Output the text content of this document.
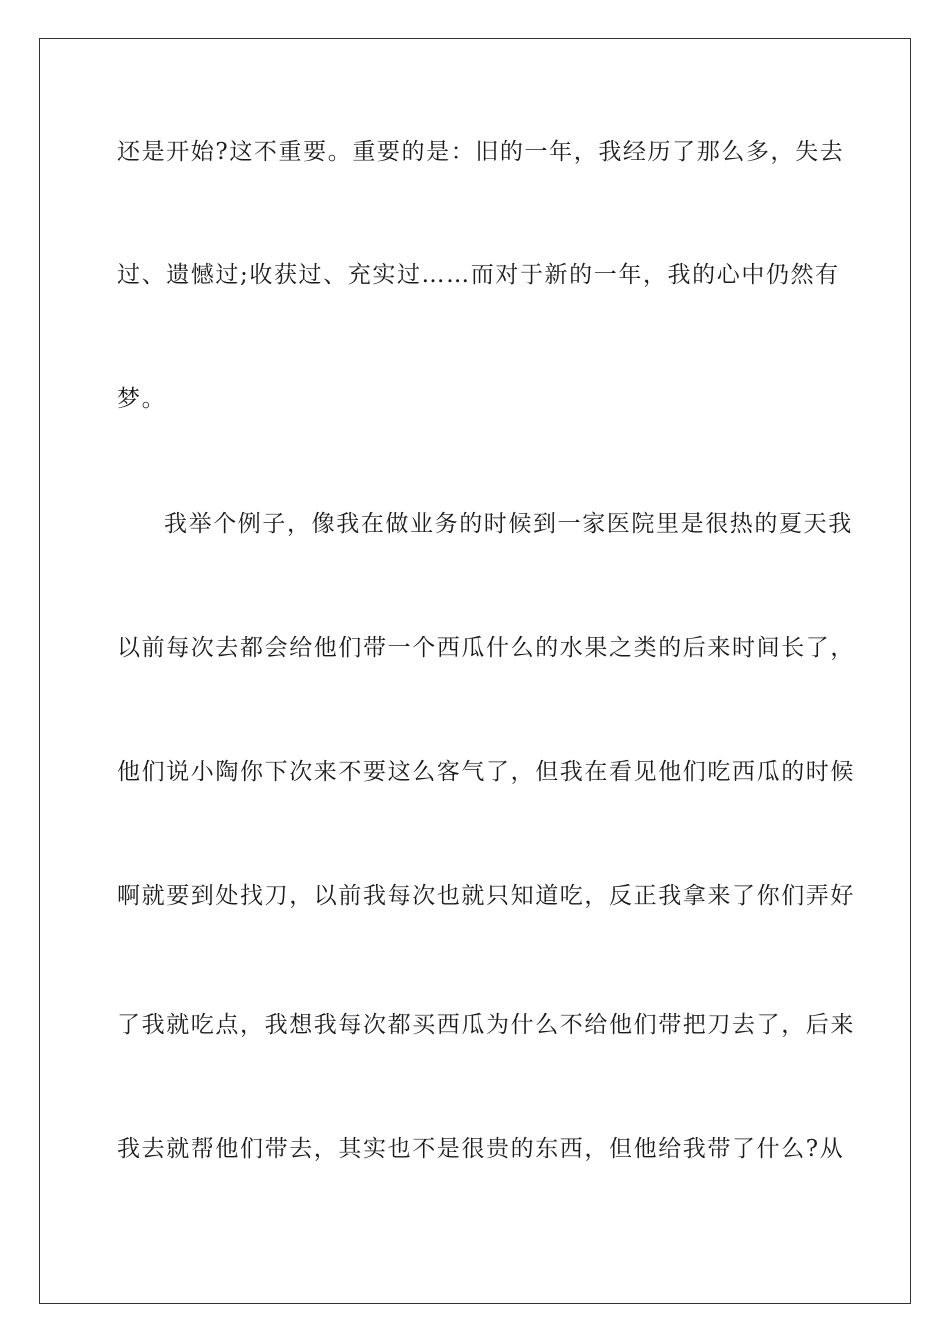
还是开始?这不重要。重要的是：旧的一年，我经历了那么多，失去
过、遗憾过;收获过、充实过……而对于新的一年，我的心中仍然有
梦。
我举个例子，像我在做业务的时候到一家医院里是很热的夏天我
以前每次去都会给他们带一个西瓜什么的水果之类的后来时间长了，
他们说小陶你下次来不要这么客气了，但我在看见他们吃西瓜的时候
啊就要到处找刀，以前我每次也就只知道吃，反正我拿来了你们弄好
了我就吃点，我想我每次都买西瓜为什么不给他们带把刀去了，后来
我去就帮他们带去，其实也不是很贵的东西，但他给我带了什么?从
